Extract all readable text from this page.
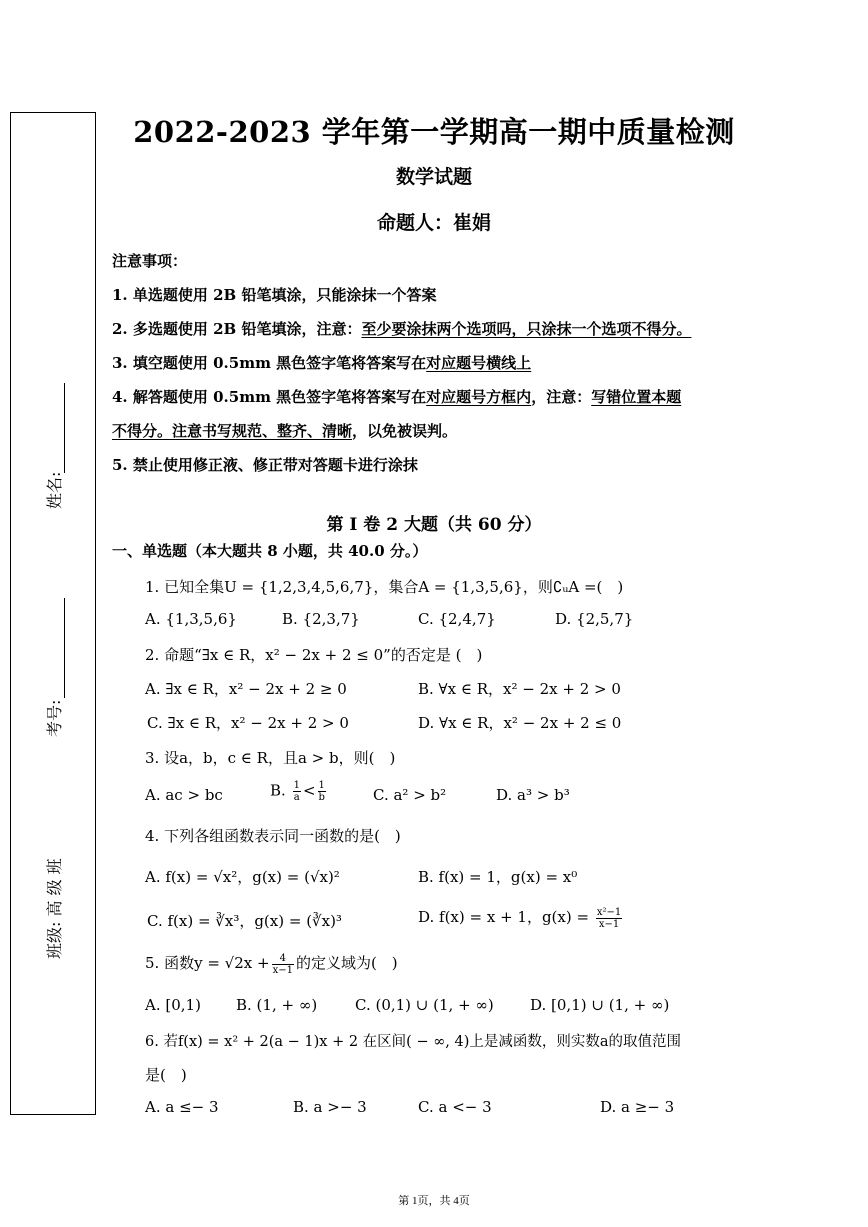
姓名:
考号:
班级: 高 级 班
2022-2023 学年第一学期高一期中质量检测
数学试题
命题人：崔娟
注意事项：
1. 单选题使用 2B 铅笔填涂，只能涂抹一个答案
2. 多选题使用 2B 铅笔填涂，注意：至少要涂抹两个选项吗，只涂抹一个选项不得分。
3. 填空题使用 0.5mm 黑色签字笔将答案写在对应题号横线上
4. 解答题使用 0.5mm 黑色签字笔将答案写在对应题号方框内，注意：写错位置本题
不得分。注意书写规范、整齐、清晰，以免被误判。
5. 禁止使用修正液、修正带对答题卡进行涂抹
第 I 卷 2 大题（共 60 分）
一、单选题（本大题共 8 小题，共 40.0 分。）
1. 已知全集U = {1,2,3,4,5,6,7}，集合A = {1,3,5,6}，则∁ᵤA =(　)
A. {1,3,5,6}	B. {2,3,7}	C. {2,4,7}	D. {2,5,7}
2. 命题“∃x ∈ R，x² − 2x + 2 ≤ 0”的否定是 (　)
A. ∃x ∈ R，x² − 2x + 2 ≥ 0	B. ∀x ∈ R，x² − 2x + 2 > 0
C. ∃x ∈ R，x² − 2x + 2 > 0	D. ∀x ∈ R，x² − 2x + 2 ≤ 0
3. 设a，b，c ∈ R，且a > b，则(　)
A. ac > bc	B. $\frac{1}{a} < \frac{1}{b}$	C. a² > b²	D. a³ > b³
4. 下列各组函数表示同一函数的是(　)
A. f(x) = √x²，g(x) = (√x)²	B. f(x) = 1，g(x) = x⁰
C. f(x) = ∛x³，g(x) = (∛x)³	D. f(x) = x + 1，$g(x) = \frac{\text{x²−1}}{x-1}$
5. 函数$y = √2x + \frac{4}{x-1}$ 的定义域为(　)
A. [0,1) B. (1, + ∞)	C. (0,1) ∪ (1, + ∞) D. [0,1) ∪ (1, + ∞)
6. 若f(x) = x² + 2(a − 1)x + 2 在区间( − ∞, 4)上是减函数，则实数a的取值范围
是(　)
A. a ≤− 3	B. a >− 3	C. a <− 3	D. a ≥− 3
第 1页，共 4页
